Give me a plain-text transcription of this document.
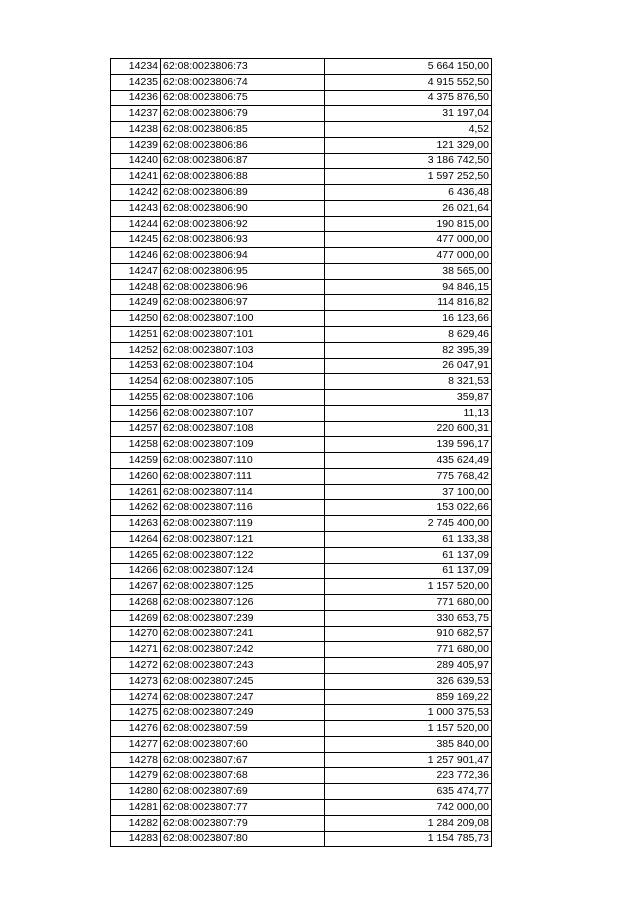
14234	62:08:0023806:73	5 664 150,00
14235	62:08:0023806:74	4 915 552,50
14236	62:08:0023806:75	4 375 876,50
14237	62:08:0023806:79	31 197,04
14238	62:08:0023806:85	4,52
14239	62:08:0023806:86	121 329,00
14240	62:08:0023806:87	3 186 742,50
14241	62:08:0023806:88	1 597 252,50
14242	62:08:0023806:89	6 436,48
14243	62:08:0023806:90	26 021,64
14244	62:08:0023806:92	190 815,00
14245	62:08:0023806:93	477 000,00
14246	62:08:0023806:94	477 000,00
14247	62:08:0023806:95	38 565,00
14248	62:08:0023806:96	94 846,15
14249	62:08:0023806:97	114 816,82
14250	62:08:0023807:100	16 123,66
14251	62:08:0023807:101	8 629,46
14252	62:08:0023807:103	82 395,39
14253	62:08:0023807:104	26 047,91
14254	62:08:0023807:105	8 321,53
14255	62:08:0023807:106	359,87
14256	62:08:0023807:107	11,13
14257	62:08:0023807:108	220 600,31
14258	62:08:0023807:109	139 596,17
14259	62:08:0023807:110	435 624,49
14260	62:08:0023807:111	775 768,42
14261	62:08:0023807:114	37 100,00
14262	62:08:0023807:116	153 022,66
14263	62:08:0023807:119	2 745 400,00
14264	62:08:0023807:121	61 133,38
14265	62:08:0023807:122	61 137,09
14266	62:08:0023807:124	61 137,09
14267	62:08:0023807:125	1 157 520,00
14268	62:08:0023807:126	771 680,00
14269	62:08:0023807:239	330 653,75
14270	62:08:0023807:241	910 682,57
14271	62:08:0023807:242	771 680,00
14272	62:08:0023807:243	289 405,97
14273	62:08:0023807:245	326 639,53
14274	62:08:0023807:247	859 169,22
14275	62:08:0023807:249	1 000 375,53
14276	62:08:0023807:59	1 157 520,00
14277	62:08:0023807:60	385 840,00
14278	62:08:0023807:67	1 257 901,47
14279	62:08:0023807:68	223 772,36
14280	62:08:0023807:69	635 474,77
14281	62:08:0023807:77	742 000,00
14282	62:08:0023807:79	1 284 209,08
14283	62:08:0023807:80	1 154 785,73
